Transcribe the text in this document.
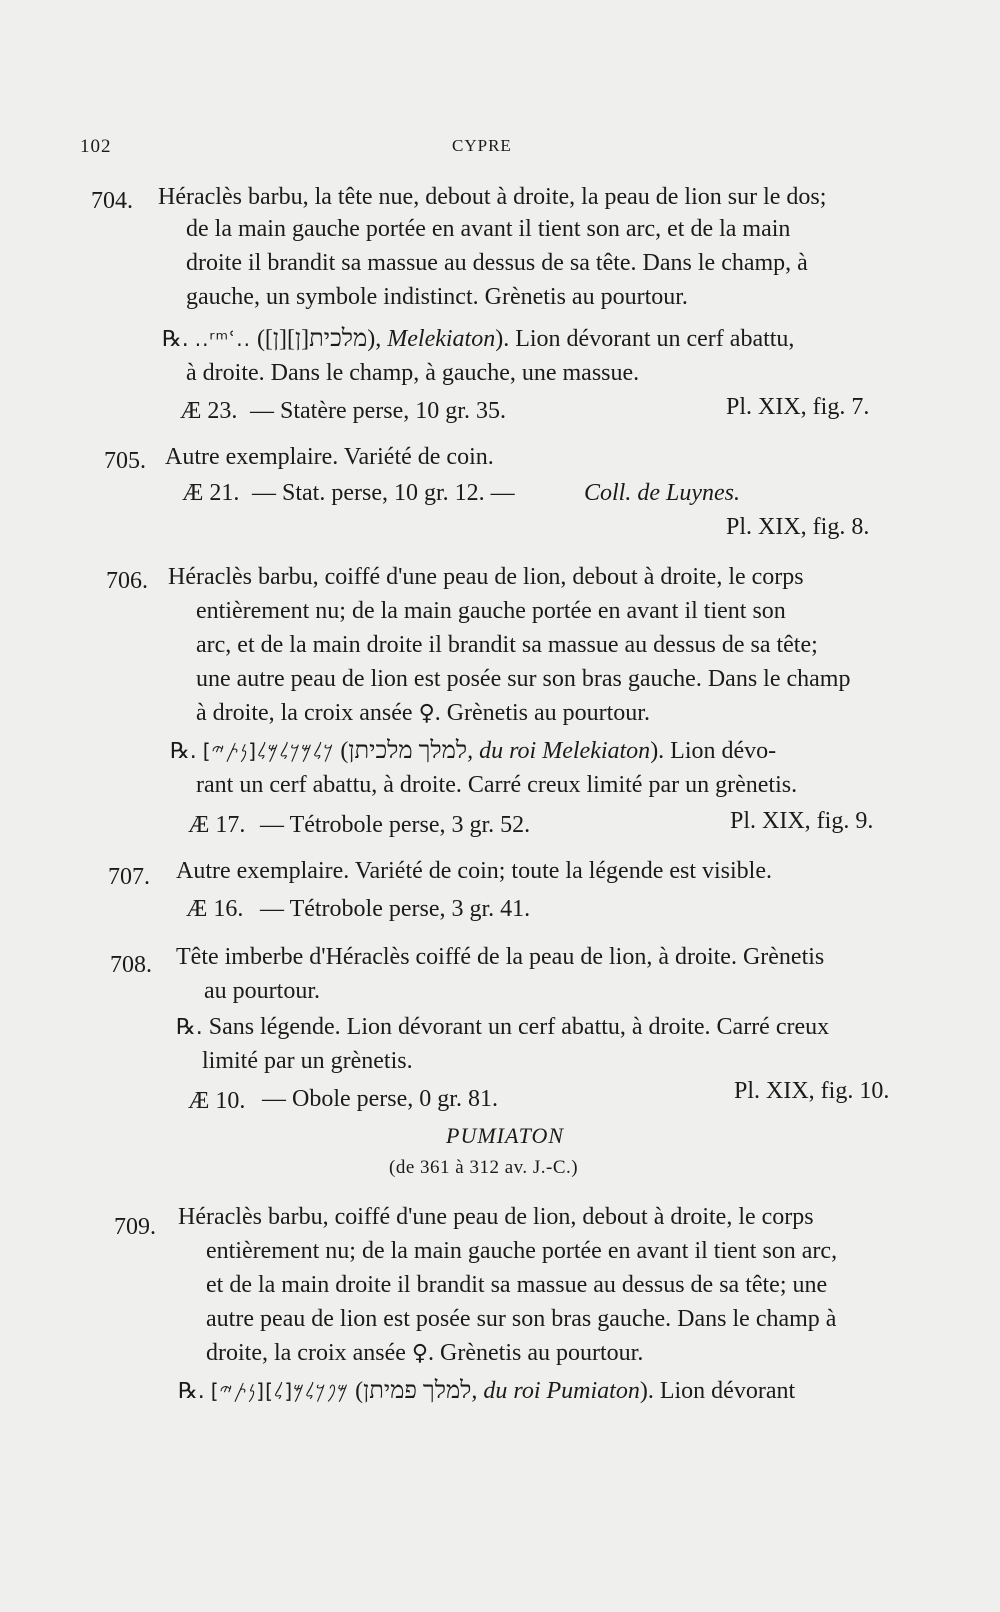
102	CYPRE
704. Héraclès barbu, la tête nue, debout à droite, la peau de lion sur le dos;
de la main gauche portée en avant il tient son arc, et de la main
droite il brandit sa massue au dessus de sa tête. Dans le champ, à
gauche, un symbole indistinct. Grènetis au pourtour.
℞. ..ʳᵐʿ.. ([ן]מלכית[ן]), Melekiaton). Lion dévorant un cerf abattu,
à droite. Dans le champ, à gauche, une massue.
Æ 23. — Statère perse, 10 gr. 35.	Pl. XIX, fig. 7.
705. Autre exemplaire. Variété de coin.
Æ 21. — Stat. perse, 10 gr. 12. —	Coll. de Luynes.
Pl. XIX, fig. 8.
706. Héraclès barbu, coiffé d'une peau de lion, debout à droite, le corps
entièrement nu; de la main gauche portée en avant il tient son
arc, et de la main droite il brandit sa massue au dessus de sa tête;
une autre peau de lion est posée sur son bras gauche. Dans le champ
à droite, la croix ansée ♀. Grènetis au pourtour.
℞. [𐤍𐤕𐤉]𐤊𐤋𐤌𐤊𐤋𐤌𐤋 (למלך מלכיתן, du roi Melekiaton). Lion dévo-
rant un cerf abattu, à droite. Carré creux limité par un grènetis.
Æ 17. — Tétrobole perse, 3 gr. 52.	Pl. XIX, fig. 9.
707. Autre exemplaire. Variété de coin; toute la légende est visible.
Æ 16. — Tétrobole perse, 3 gr. 41.
708. Tête imberbe d'Héraclès coiffé de la peau de lion, à droite. Grènetis
au pourtour.
℞. Sans légende. Lion dévorant un cerf abattu, à droite. Carré creux
limité par un grènetis.
Æ 10. — Obole perse, 0 gr. 81.	Pl. XIX, fig. 10.
PUMIATON
(de 361 à 312 av. J.-C.)
709. Héraclès barbu, coiffé d'une peau de lion, debout à droite, le corps
entièrement nu; de la main gauche portée en avant il tient son arc,
et de la main droite il brandit sa massue au dessus de sa tête; une
autre peau de lion est posée sur son bras gauche. Dans le champ à
droite, la croix ansée ♀. Grènetis au pourtour.
℞. [𐤍𐤕𐤉]𐤌𐤐𐤊𐤋𐤌[𐤋] (למלך פמיתן, du roi Pumiaton). Lion dévorant
